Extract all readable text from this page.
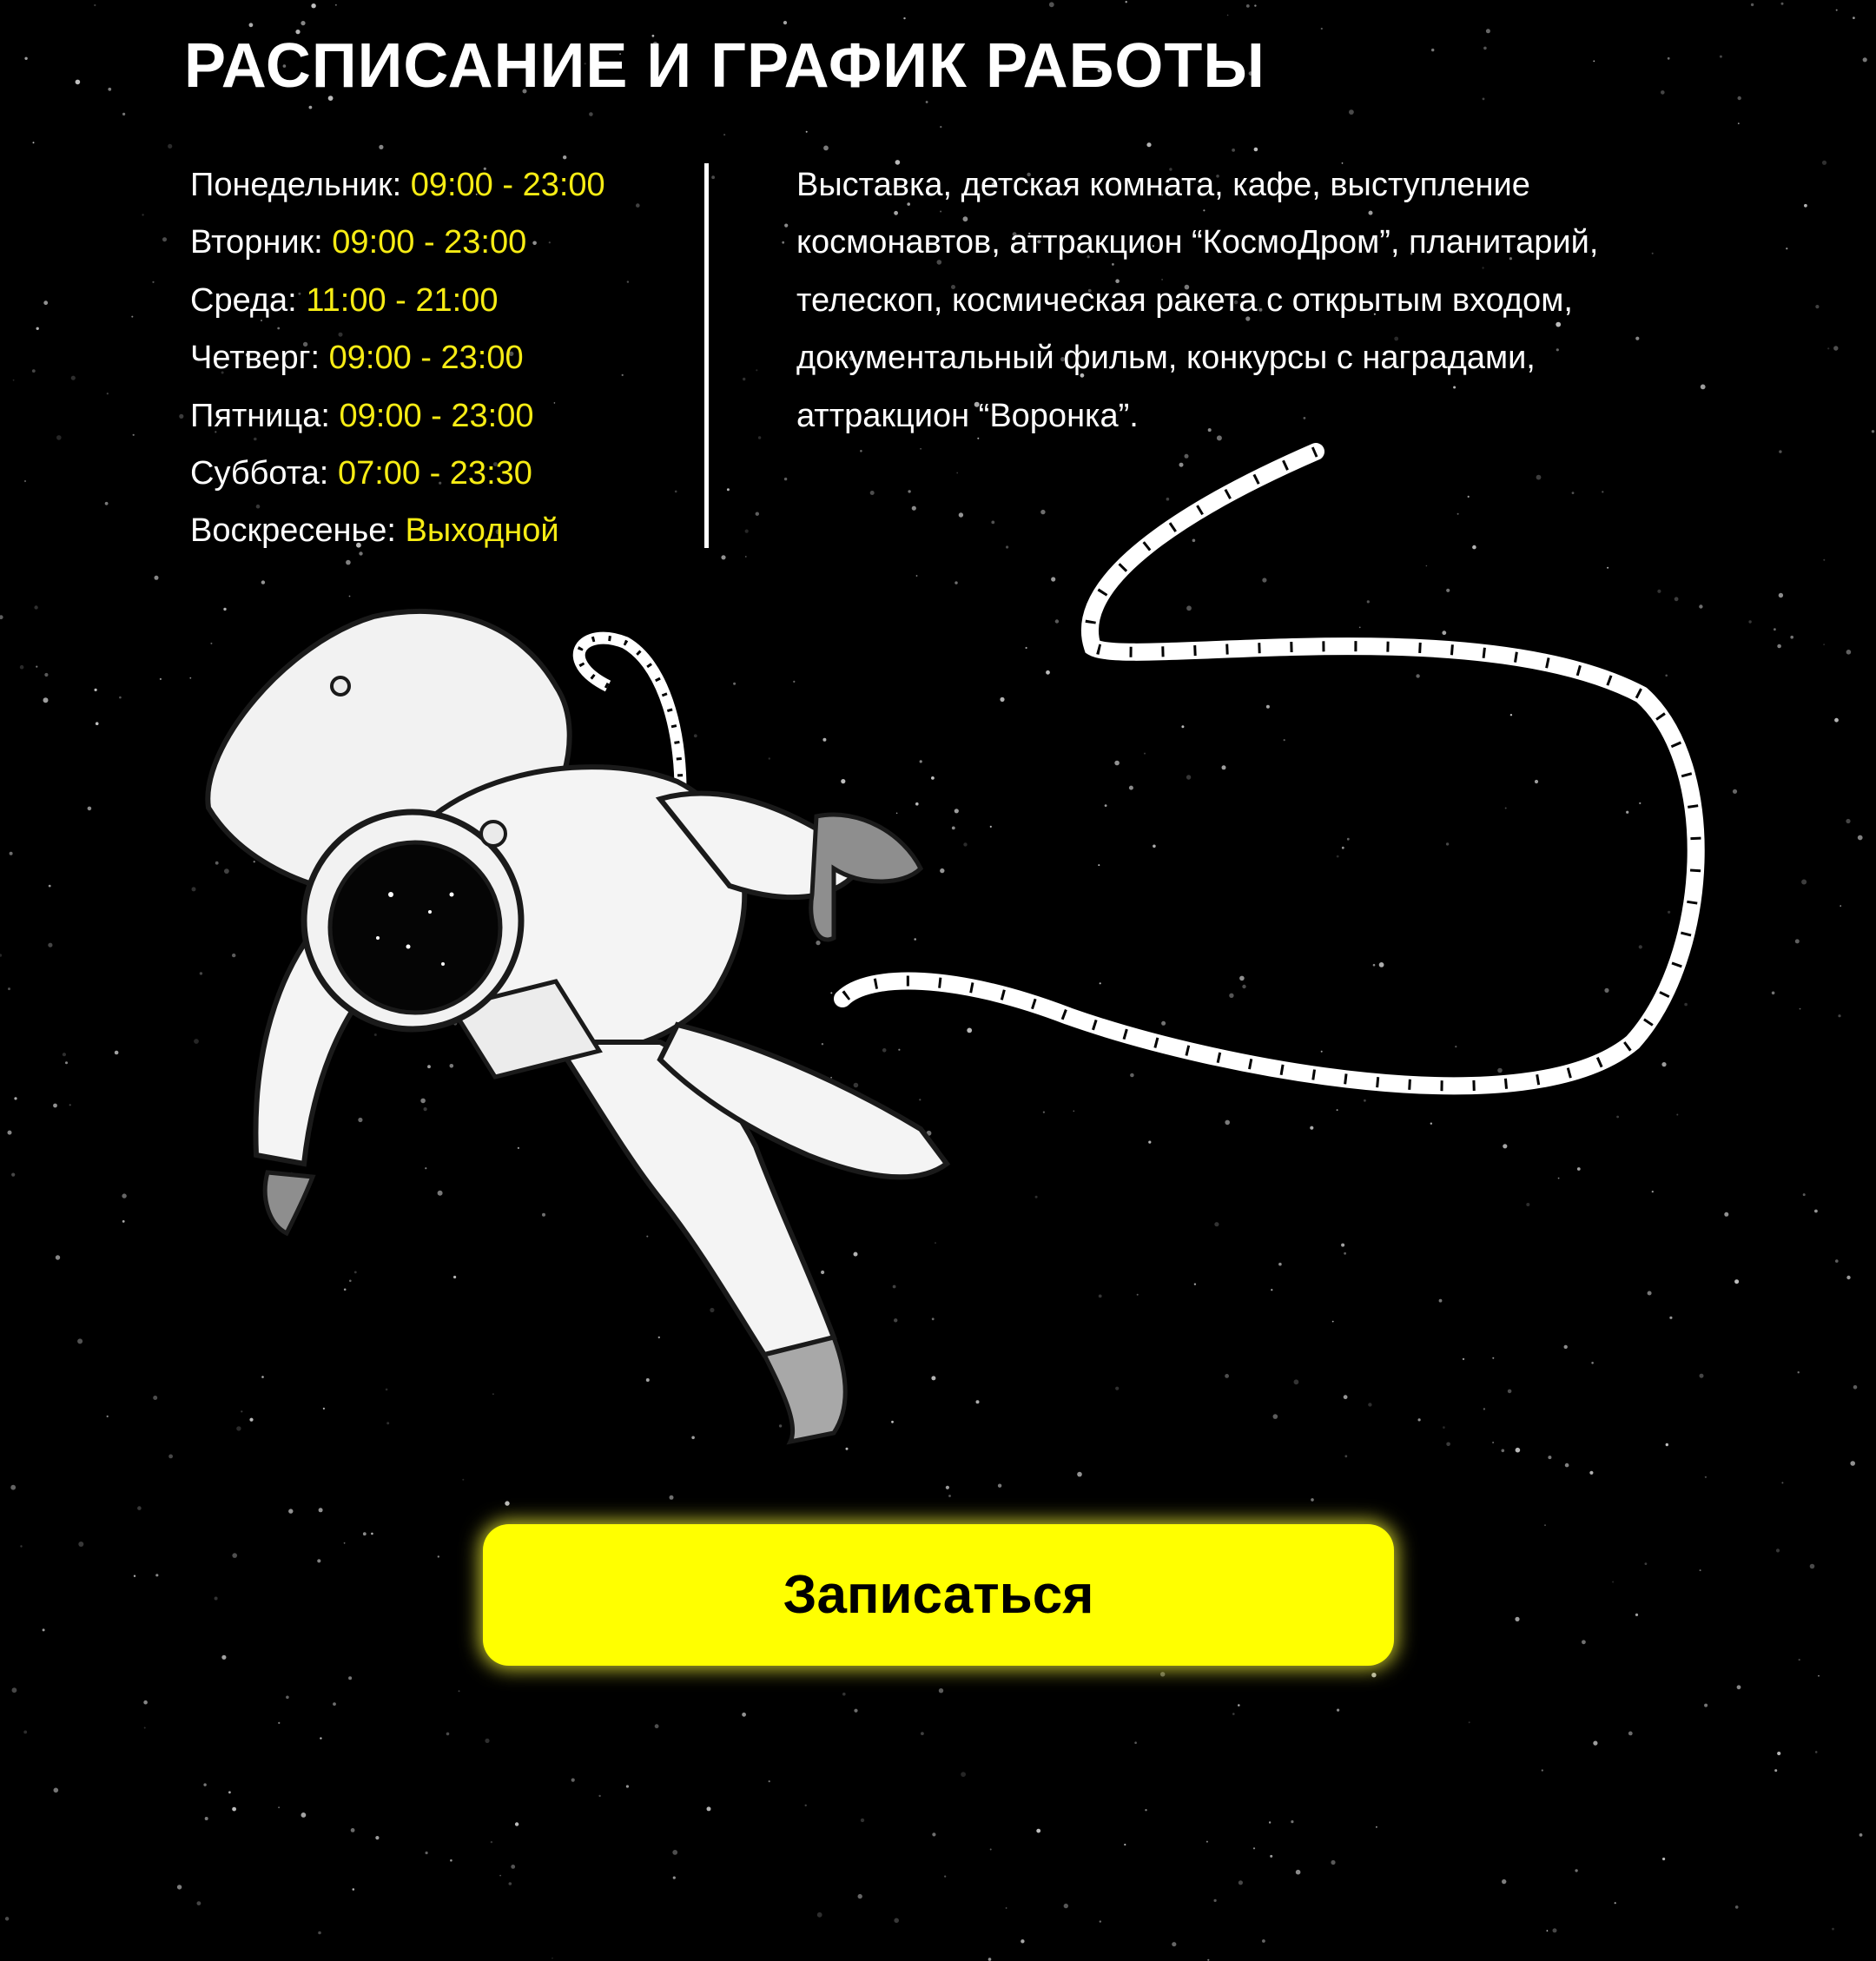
РАСПИСАНИЕ И ГРАФИК РАБОТЫ
Понедельник: 09:00 - 23:00
Вторник: 09:00 - 23:00
Среда: 11:00 - 21:00
Четверг: 09:00 - 23:00
Пятница: 09:00 - 23:00
Суббота: 07:00 - 23:30
Воскресенье: Выходной
Выставка, детская комната, кафе, выступление космонавтов, аттракцион “КосмоДром”, планитарий, телескоп, космическая ракета с открытым входом, документальный фильм, конкурсы с наградами, аттракцион “Воронка”.
Записаться
